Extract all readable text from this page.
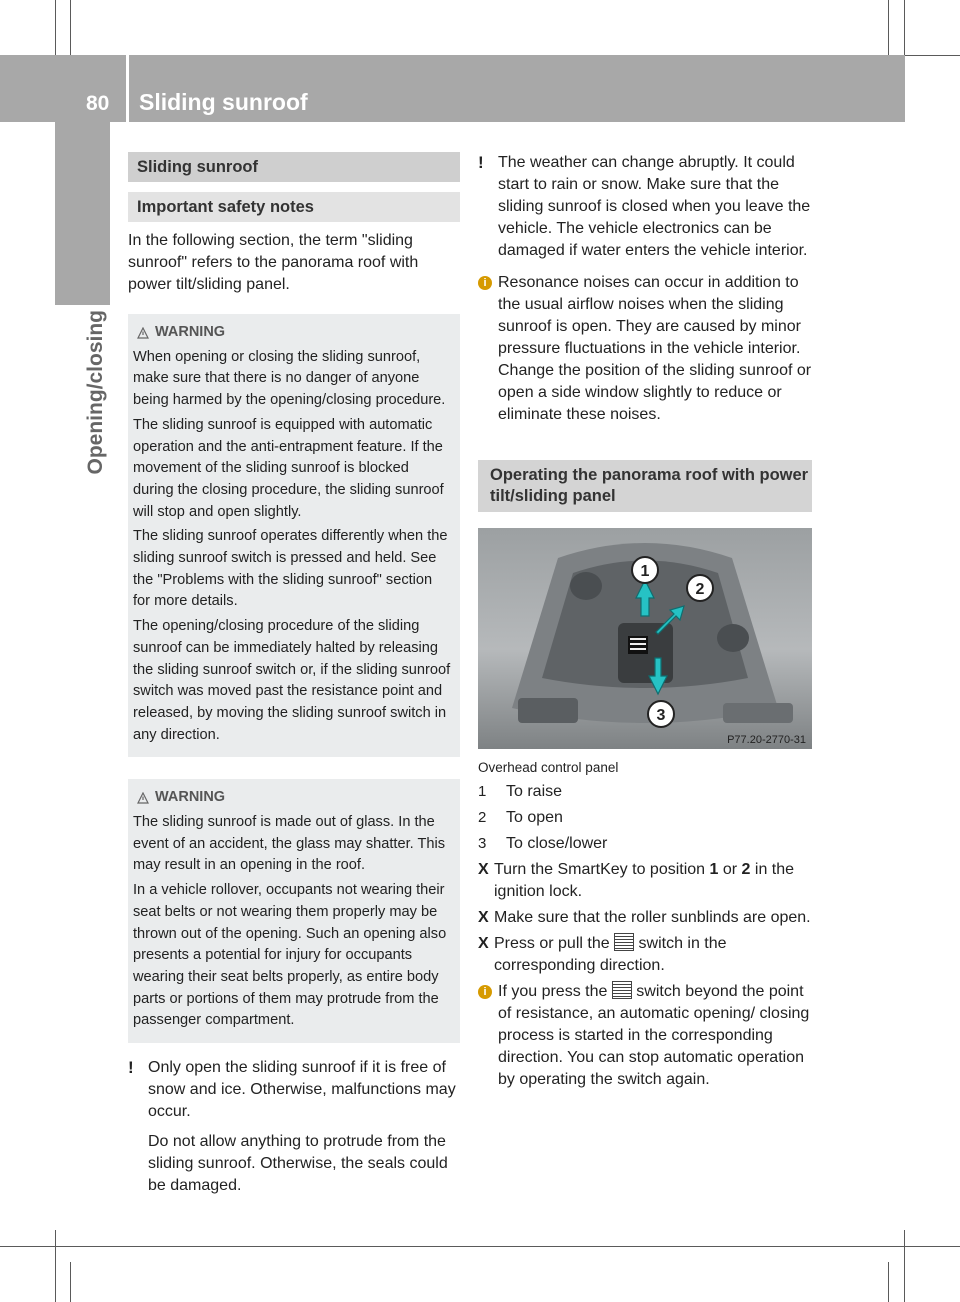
80 Sliding sunroof
Opening/closing
Sliding sunroof
Important safety notes

In the following section, the term "sliding sunroof" refers to the panorama roof with power tilt/sliding panel.

WARNING

When opening or closing the sliding sunroof, make sure that there is no danger of anyone being harmed by the opening/closing procedure.

The sliding sunroof is equipped with automatic operation and the anti-entrapment feature. If the movement of the sliding sunroof is blocked during the closing procedure, the sliding sunroof will stop and open slightly.

The sliding sunroof operates differently when the sliding sunroof switch is pressed and held. See the "Problems with the sliding sunroof" section for more details.

The opening/closing procedure of the sliding sunroof can be immediately halted by releasing the sliding sunroof switch or, if the sliding sunroof switch was moved past the resistance point and released, by moving the sliding sunroof switch in any direction.

WARNING

The sliding sunroof is made out of glass. In the event of an accident, the glass may shatter. This may result in an opening in the roof.

In a vehicle rollover, occupants not wearing their seat belts or not wearing them properly may be thrown out of the opening. Such an opening also presents a potential for injury for occupants wearing their seat belts properly, as entire body parts or portions of them may protrude from the passenger compartment.

! Only open the sliding sunroof if it is free of snow and ice. Otherwise, malfunctions may occur.

Do not allow anything to protrude from the sliding sunroof. Otherwise, the seals could be damaged.

! The weather can change abruptly. It could start to rain or snow. Make sure that the sliding sunroof is closed when you leave the vehicle. The vehicle electronics can be damaged if water enters the vehicle interior.

i Resonance noises can occur in addition to the usual airflow noises when the sliding sunroof is open. They are caused by minor pressure fluctuations in the vehicle interior. Change the position of the sliding sunroof or open a side window slightly to reduce or eliminate these noises.

Operating the panorama roof with power tilt/sliding panel
1
2
3
P77.20-2770-31
Overhead control panel
1	To raise
2	To open
3	To close/lower
X Turn the SmartKey to position 1 or 2 in the ignition lock.
X Make sure that the roller sunblinds are open.
X Press or pull the  switch in the corresponding direction.
i If you press the  switch beyond the point of resistance, an automatic opening/ closing process is started in the corresponding direction. You can stop automatic operation by operating the switch again.
